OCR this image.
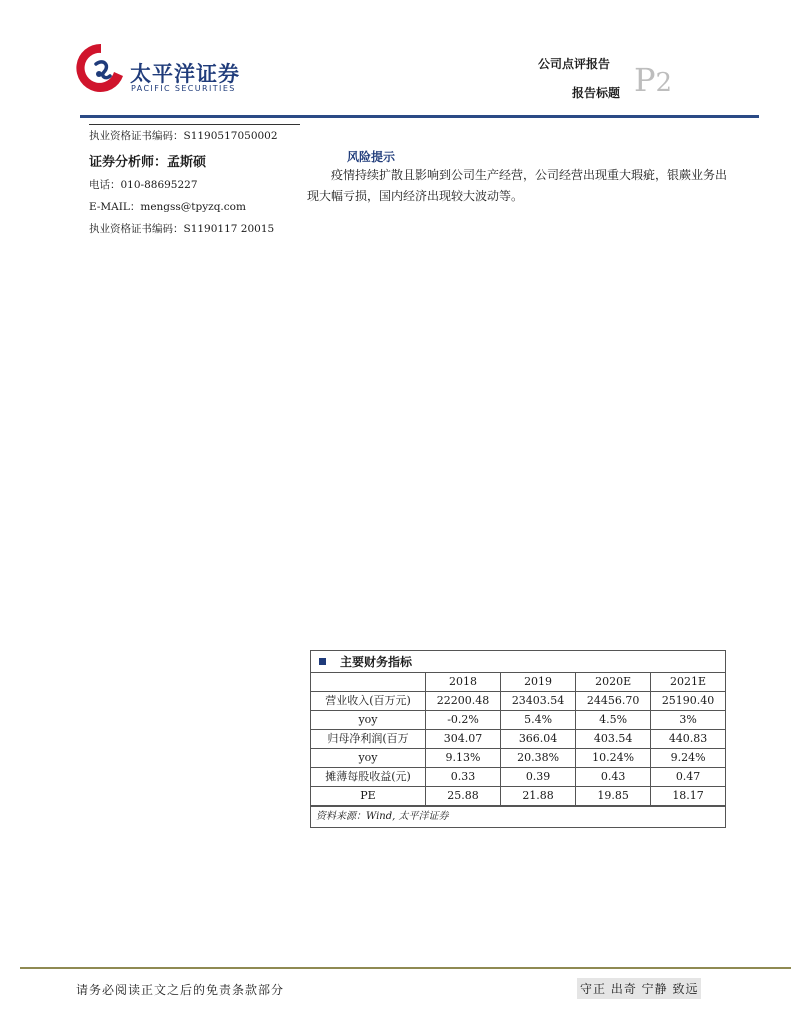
太平洋证券
PACIFIC SECURITIES
公司点评报告
报告标题 P2
执业资格证书编码：S1190517050002
证券分析师：孟斯硕
电话：010-88695227
E-MAIL：mengss@tpyzq.com
执业资格证书编码：S1190117 20015
风险提示
疫情持续扩散且影响到公司生产经营，公司经营出现重大瑕疵，银蕨业务出现大幅亏损，国内经济出现较大波动等。
主要财务指标
	2018	2019	2020E	2021E
营业收入(百万元)	22200.48	23403.54	24456.70	25190.40
yoy	-0.2%	5.4%	4.5%	3%
归母净利润(百万	304.07	366.04	403.54	440.83
yoy	9.13%	20.38%	10.24%	9.24%
摊薄每股收益(元)	0.33	0.39	0.43	0.47
PE	25.88	21.88	19.85	18.17
资料来源：Wind, 太平洋证券
请务必阅读正文之后的免责条款部分	守正 出奇 宁静 致远
